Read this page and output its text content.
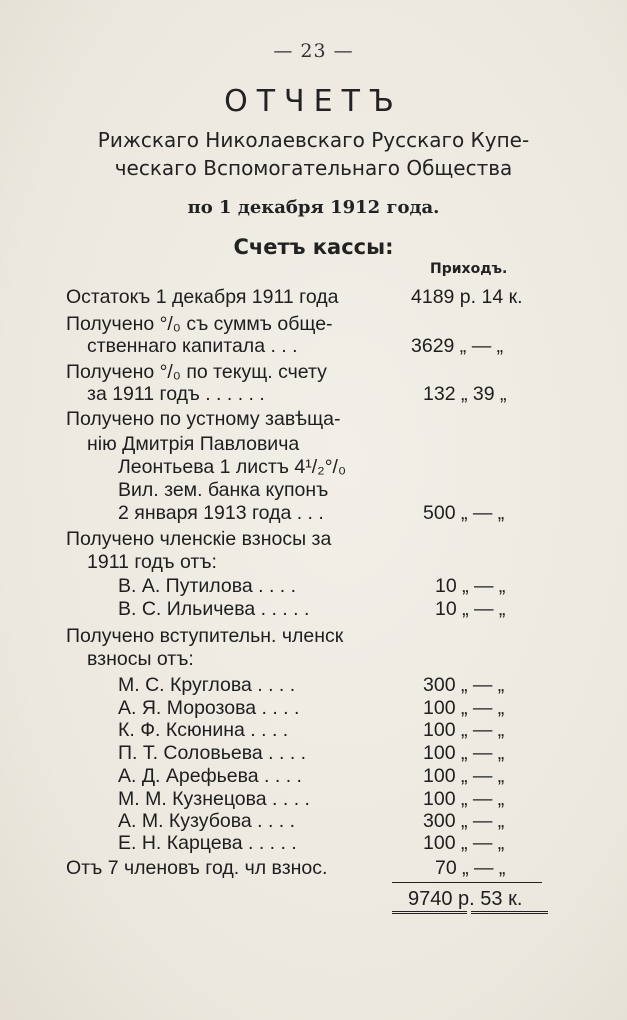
— 23 —
ОТЧЕТЪ
Рижскаго Николаевскаго Русскаго Купе-
ческаго Вспомогательнаго Общества
по 1 декабря 1912 года.
Счетъ кассы:
Приходъ.
Остатокъ 1 декабря 1911 года
Получено °/₀ съ суммъ обще-
ственнаго капитала . . .
Получено °/₀ по текущ. счету
за 1911 годъ . . . . . .
Получено по устному завѣща-
нію Дмитрія Павловича
Леонтьева 1 листъ 4¹/₂°/₀
Вил. зем. банка купонъ
2 января 1913 года . . .
Получено членскіе взносы за
1911 годъ отъ:
В. А. Путилова . . . .
В. С. Ильичева . . . . .
Получено вступительн. членск
взносы отъ:
М. С. Круглова . . . .
А. Я. Морозова . . . .
К. Ф. Ксюнина . . . .
П. Т. Соловьева . . . .
А. Д. Арефьева . . . .
М. М. Кузнецова . . . .
А. М. Кузубова . . . .
Е. Н. Карцева . . . . .
Отъ 7 членовъ год. чл взнос.
4189 р. 14 к.
3629 „ — „
132 „ 39 „
500 „ — „
10 „ — „
10 „ — „
300 „ — „
100 „ — „
100 „ — „
100 „ — „
100 „ — „
100 „ — „
300 „ — „
100 „ — „
70 „ — „
9740 р. 53 к.
